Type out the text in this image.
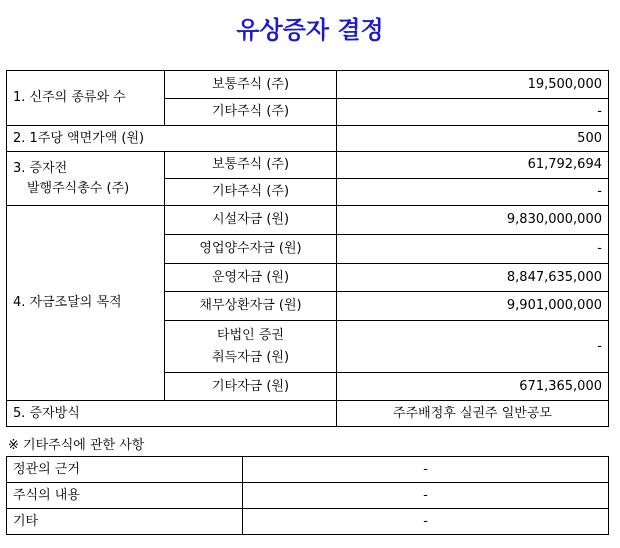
유상증자 결정
1. 신주의 종류와 수	보통주식 (주)	19,500,000
	기타주식 (주)	-
2. 1주당 액면가액 (원)		500

3. 증자전
발행주식총수 (주)	보통주식 (주)	61,792,694
	기타주식 (주)	-
4. 자금조달의 목적	시설자금 (원)	9,830,000,000
	영업양수자금 (원)	-
	운영자금 (원)	8,847,635,000
	채무상환자금 (원)	9,901,000,000

	타법인 증권
취득자금 (원)	-
	기타자금 (원)	671,365,000
5. 증자방식		주주배정후 실권주 일반공모
※ 기타주식에 관한 사항
정관의 근거	-
주식의 내용	-
기타	-
